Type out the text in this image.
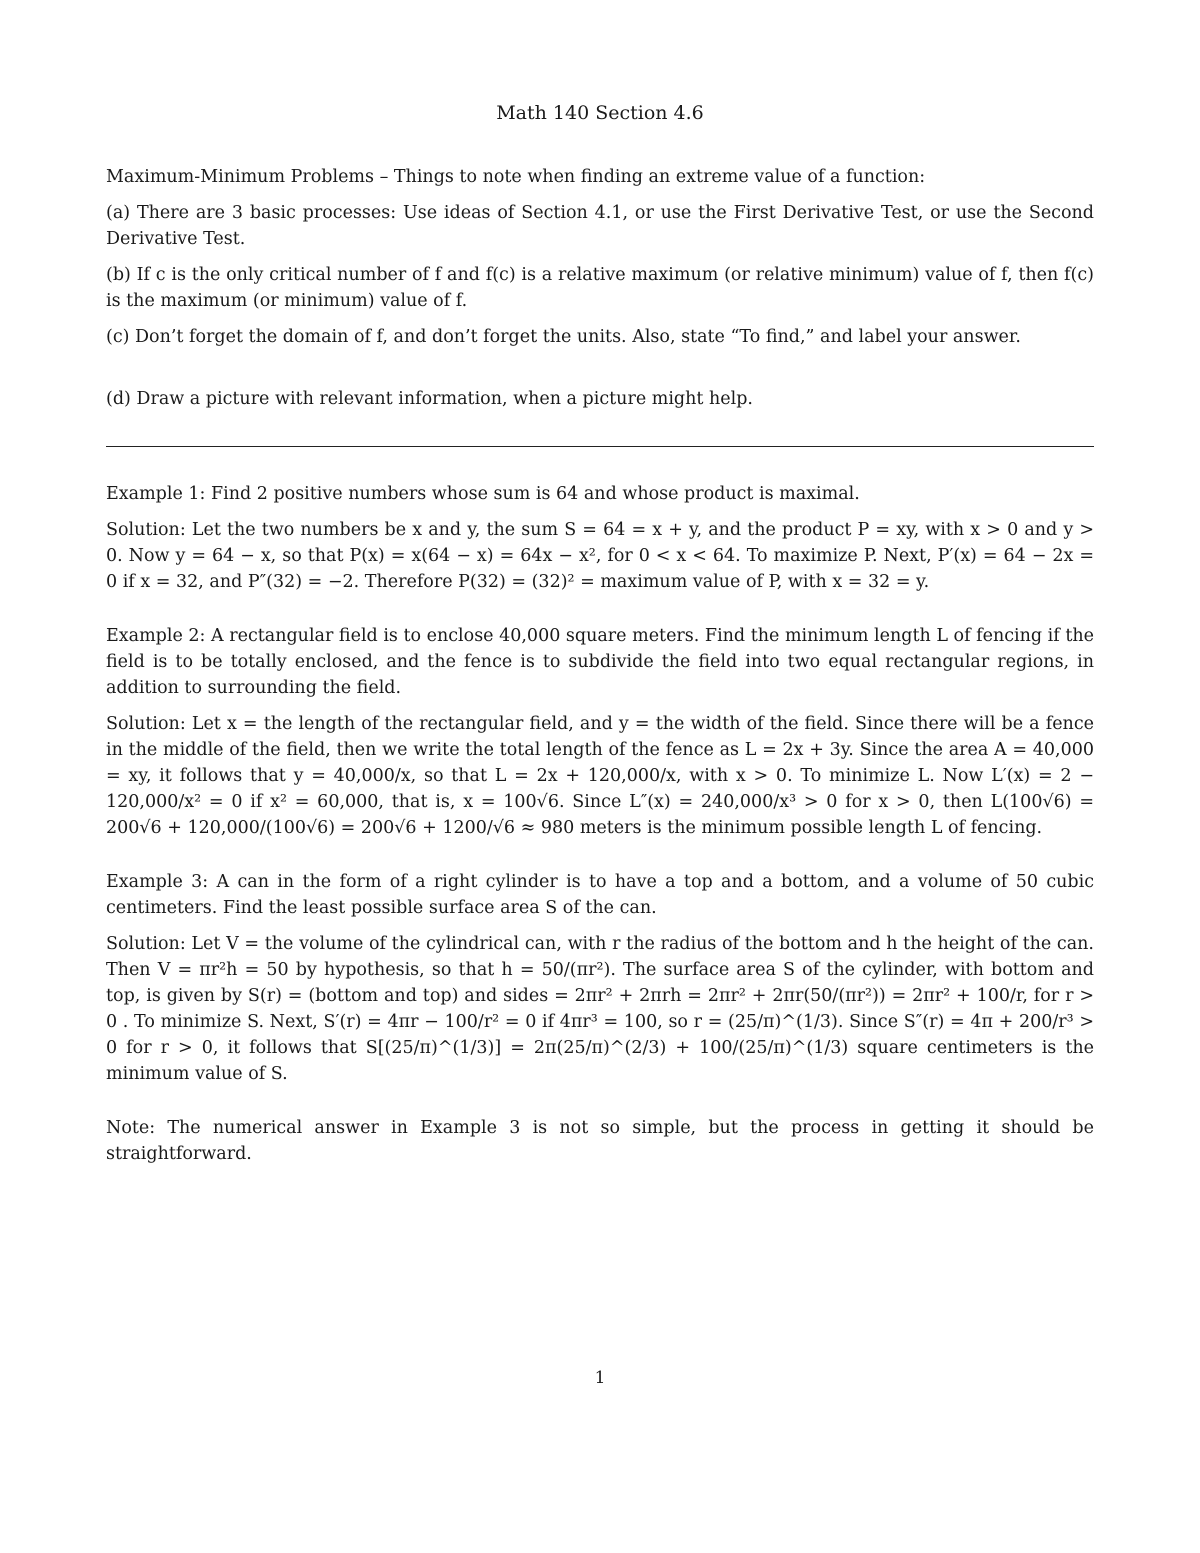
Math 140 Section 4.6

Maximum-Minimum Problems – Things to note when finding an extreme value of a function:

(a) There are 3 basic processes: Use ideas of Section 4.1, or use the First Derivative Test, or use the Second Derivative Test.

(b) If c is the only critical number of f and f(c) is a relative maximum (or relative minimum) value of f, then f(c) is the maximum (or minimum) value of f.

(c) Don’t forget the domain of f, and don’t forget the units. Also, state “To find,” and label your answer.

(d) Draw a picture with relevant information, when a picture might help.

Example 1: Find 2 positive numbers whose sum is 64 and whose product is maximal.

Solution: Let the two numbers be x and y, the sum S = 64 = x + y, and the product P = xy, with x > 0 and y > 0. Now y = 64 − x, so that P(x) = x(64 − x) = 64x − x², for 0 < x < 64. To maximize P. Next, P′(x) = 64 − 2x = 0 if x = 32, and P″(32) = −2. Therefore P(32) = (32)² = maximum value of P, with x = 32 = y.

Example 2: A rectangular field is to enclose 40,000 square meters. Find the minimum length L of fencing if the field is to be totally enclosed, and the fence is to subdivide the field into two equal rectangular regions, in addition to surrounding the field.

Solution: Let x = the length of the rectangular field, and y = the width of the field. Since there will be a fence in the middle of the field, then we write the total length of the fence as L = 2x + 3y. Since the area A = 40,000 = xy, it follows that y = 40,000/x, so that L = 2x + 120,000/x, with x > 0. To minimize L. Now L′(x) = 2 − 120,000/x² = 0 if x² = 60,000, that is, x = 100√6. Since L″(x) = 240,000/x³ > 0 for x > 0, then L(100√6) = 200√6 + 120,000/(100√6) = 200√6 + 1200/√6 ≈ 980 meters is the minimum possible length L of fencing.

Example 3: A can in the form of a right cylinder is to have a top and a bottom, and a volume of 50 cubic centimeters. Find the least possible surface area S of the can.

Solution: Let V = the volume of the cylindrical can, with r the radius of the bottom and h the height of the can. Then V = πr²h = 50 by hypothesis, so that h = 50/(πr²). The surface area S of the cylinder, with bottom and top, is given by S(r) = (bottom and top) and sides = 2πr² + 2πrh = 2πr² + 2πr(50/(πr²)) = 2πr² + 100/r, for r > 0 . To minimize S. Next, S′(r) = 4πr − 100/r² = 0 if 4πr³ = 100, so r = (25/π)^(1/3). Since S″(r) = 4π + 200/r³ > 0 for r > 0, it follows that S[(25/π)^(1/3)] = 2π(25/π)^(2/3) + 100/(25/π)^(1/3) square centimeters is the minimum value of S.

Note: The numerical answer in Example 3 is not so simple, but the process in getting it should be straightforward.

1
